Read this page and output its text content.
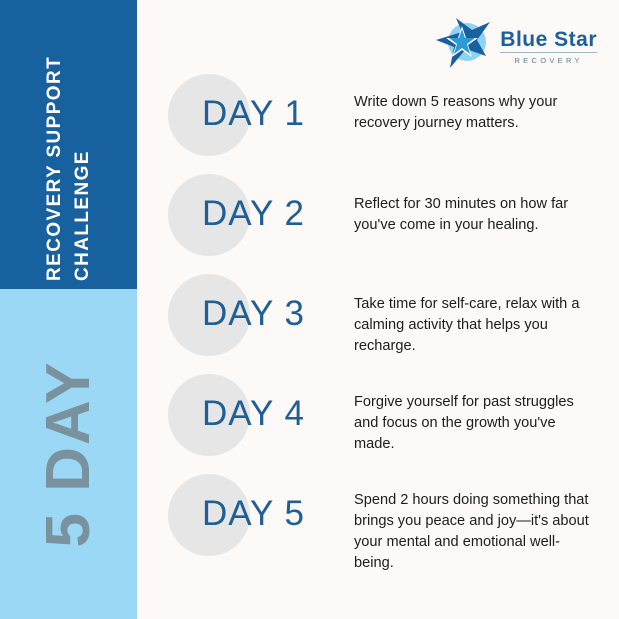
RECOVERY SUPPORT CHALLENGE
5 DAY
Blue Star
RECOVERY
DAY 1	Write down 5 reasons why your recovery journey matters.
DAY 2	Reflect for 30 minutes on how far you've come in your healing.
DAY 3	Take time for self-care, relax with a calming activity that helps you recharge.
DAY 4	Forgive yourself for past struggles and focus on the growth you've made.
DAY 5	Spend 2 hours doing something that brings you peace and joy—it's about your mental and emotional well-being.
